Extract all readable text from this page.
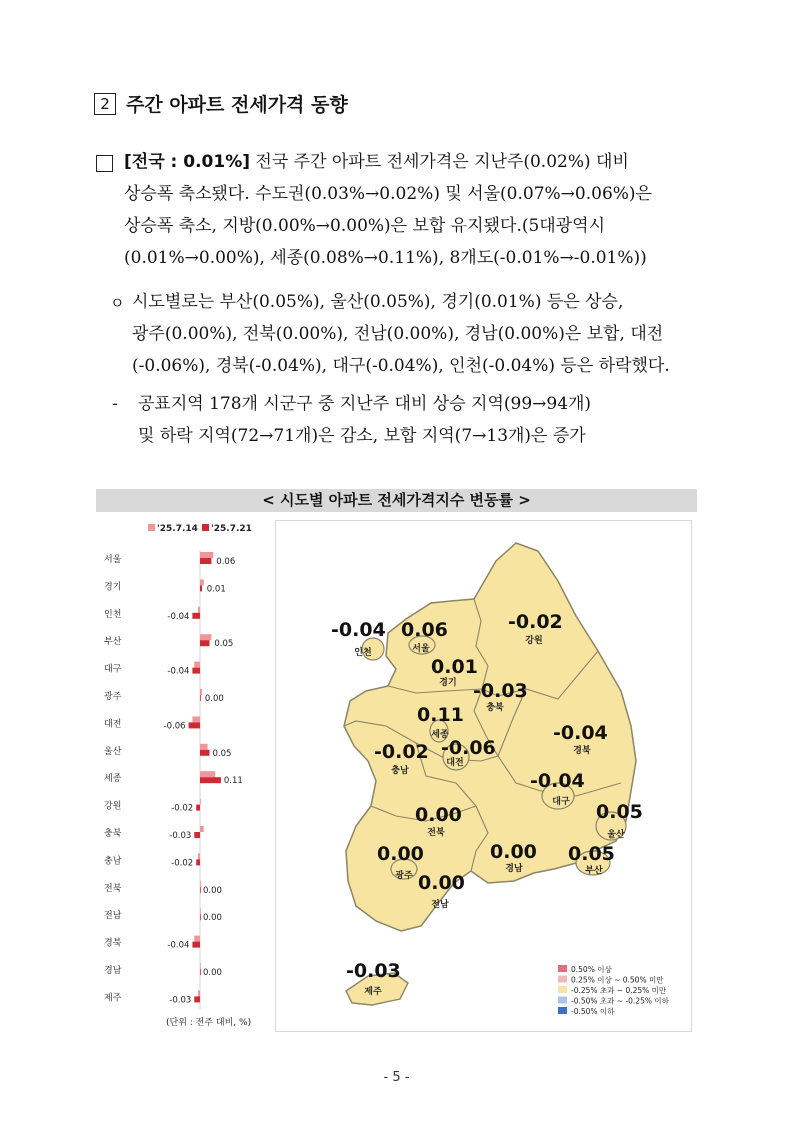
2 주간 아파트 전세가격 동향
[전국 : 0.01%] 전국 주간 아파트 전세가격은 지난주(0.02%) 대비
상승폭 축소됐다. 수도권(0.03%→0.02%) 및 서울(0.07%→0.06%)은
상승폭 축소, 지방(0.00%→0.00%)은 보합 유지됐다.(5대광역시
(0.01%→0.00%), 세종(0.08%→0.11%), 8개도(-0.01%→-0.01%))
ㅇ 시도별로는 부산(0.05%), 울산(0.05%), 경기(0.01%) 등은 상승,
광주(0.00%), 전북(0.00%), 전남(0.00%), 경남(0.00%)은 보합, 대전
(-0.06%), 경북(-0.04%), 대구(-0.04%), 인천(-0.04%) 등은 하락했다.
- 공표지역 178개 시군구 중 지난주 대비 상승 지역(99→94개)
및 하락 지역(72→71개)은 감소, 보합 지역(7→13개)은 증가
< 시도별 아파트 전세가격지수 변동률 >
'25.7.14 '25.7.21
서울	0.06
경기	0.01
인천	-0.04
부산	0.05
대구	-0.04
광주	0.00
대전	-0.06
울산	0.05
세종	0.11
강원	-0.02
충북	-0.03
충남	-0.02
전북	0.00
전남	0.00
경북	-0.04
경남	0.00
제주	-0.03
(단위 : 전주 대비, %)
-0.04
인천
0.06
서울
-0.02
강원
0.01
경기 -0.03
충북
0.11
세종	-0.04
경북
-0.02
충남
-0.06
대전
-0.04
대구 0.05
울산
0.00
전북
0.00
광주
0.00
경남
0.05
부산
0.00
전남
-0.03
제주
0.50% 이상
0.25% 이상 ~ 0.50% 미만
-0.25% 초과 ~ 0.25% 미만
-0.50% 초과 ~ -0.25% 이하
-0.50% 이하
- 5 -
